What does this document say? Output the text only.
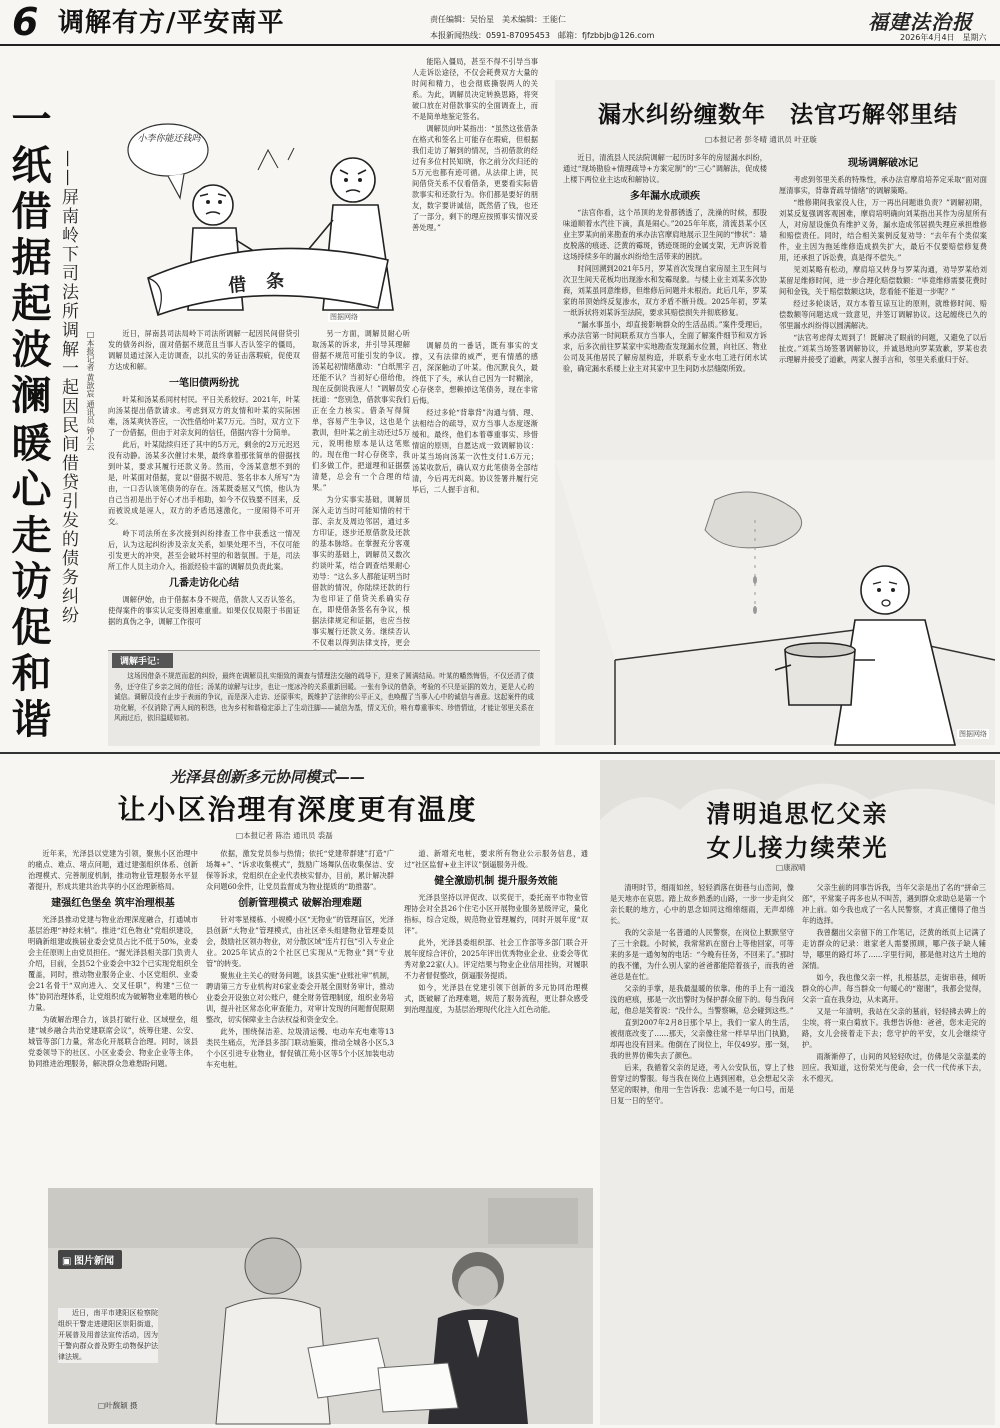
6 调解有方/平安南平	责任编辑：吴怡星　美术编辑：王能仁
本报新闻热线：0591-87095453　邮箱：fjfzbbjb@126.com
福建法治报
2026年4月4日　星期六
一纸借据起波澜
暖心走访促和谐 ——屏南岭下司法所调解一起因民间借贷引发的债务纠纷 □本报记者 黄歆宸 通讯员 钟小云
小李你能还钱吗
借条
图据网络

近日，屏南县司法局岭下司法所调解一起因民间借贷引发的债务纠纷，面对借据不规范且当事人否认签字的僵局，调解员通过深入走访调查，以扎实的务证击落瑕疵，促使双方达成和解。

一笔旧债两纷扰

叶某和汤某系同村村民。平日关系较好。2021年，叶某向汤某提出借款请求。考虑到双方的友情和叶某的实际困难，汤某爽快答应，一次性借给叶某7万元。当时，双方立下了一份借据，但由于对亲友间的信任，借据内容十分简单。

此后，叶某陆续归还了其中的5万元，剩余的2万元迟迟没有动静。汤某多次催讨未果，最终拿着那张简单的借据找到叶某，要求其履行还款义务。然而，令汤某意想不到的是，叶某面对借据，竟以“借据不规范、签名非本人所写”为由，一口否认该笔债务的存在。汤某既委屈又气愤，他认为自己当初是出于好心才出手相助，如今不仅钱要不回来，反而被说成是诬人，双方的矛盾迅速激化，一度闹得不可开交。

岭下司法所在多次接到纠纷排查工作中获悉这一情况后，认为这起纠纷涉及亲友关系，如果处理不当，不仅可能引发更大的冲突，甚至会破坏村里的和谐氛围。于是，司法所工作人员主动介入，指派经验丰富的调解员负责此案。

几番走访化心结

调解伊始，由于借据本身不规范，借款人又否认签名，使得案件的事实认定变得困难重重。如果仅仅局限于书面证据的真伪之争，调解工作很可

能陷入僵局，甚至不得不引导当事人走诉讼途径，不仅会耗费双方大量的时间和精力，也会彻底撕裂两人的关系。为此，调解员决定转换思路，将突破口放在对借款事实的全面调查上，而不是简单地鉴定签名。

调解员向叶某指出：“虽然这张借条在格式和签名上可能存在瑕疵，但根据我们走访了解到的情况，当初借款的经过有多位村民知晓，你之前分次归还的5万元也都有迹可循。从法律上讲，民间借贷关系不仅看借条，更要看实际借款事实和还款行为。你们都是要好的朋友，数字要讲诚信，既然借了钱，也还了一部分，剩下的理应按照事实情况妥善处理。”

另一方面，调解员耐心听取汤某的诉求，并引导其理解借据不规范可能引发的争议。汤某起初情绪激动：“白纸黑字还能不认？当初好心借给他，现在反倒说我诬人！”调解员安抚道：“您别急，借款事实我们正在全力核实。借条写得简单，容易产生争议，这也是个教训，但叶某之前主动还过5万元，说明他原本是认这笔账的。现在他一时心存侥幸，我们多做工作，把道理和证据摆清楚，总会有一个合理的结果。”

为分实事实基础，调解员深入走访当时可能知情的村干部、亲友及周边邻居，通过多方印证，逐步还原借款及还款的基本脉络。在掌握充分客观事实的基础上，调解员又数次约谈叶某，结合调查结果耐心劝导：“这么多人都能证明当时借款的情况，你陆续还款的行为也印证了借贷关系确实存在，即使借条签名有争议，根据法律规定和证据，也应当按事实履行还款义务。继续否认不仅难以得到法律支持，更会

调解员的一番话，既有事实的支撑，又有法律的威严，更有情感的感召，深深触动了叶某。他沉默良久，最终低下了头，承认自己因为一时糊涂，心存侥幸，想赖掉这笔债务，现在非常后悔。

经过多轮“背靠背”沟通与情、理、法相结合的疏导，双方当事人态度逐渐缓和。最终，他们本着尊重事实、珍惜情谊的原则，自愿达成一致调解协议：叶某当场向汤某一次性支付1.6万元；汤某收款后，确认双方此笔债务全部结清，今后再无纠葛。协议签署并履行完毕后，二人握手言和。

调解手记：
这场因借条不规范而起的纠纷，最终在调解员扎实细致的调查与情理法交融的疏导下，迎来了圆满结局。叶某的幡然悔悟，不仅还清了债务，还守住了乡亲之间的信任；汤某的谅解与让步，也让一度冰冷的关系重新回暖。一张有争议的借条，考验的不只是证据的效力，更是人心的诚信。调解员没有止步于表面的争议，而是深入走访、还原事实，既维护了法律的公平正义，也唤醒了当事人心中的诚信与善意。这起案件的成功化解，不仅消除了两人间的积怨，也为乡村和谐稳定添上了生动注脚——诚信为基，情义无价，唯有尊重事实、珍惜情谊，才能让邻里关系在风雨过后，依旧温暖如初。
漏水纠纷缠数年　法官巧解邻里结
□本报记者 彭冬晴 通讯员 叶亚璇

近日，清流县人民法院调解一起历时多年的房屋漏水纠纷，通过“现场勘验+情理疏导+方案定制”的“三心”调解法，促成楼上楼下两位业主达成和解协议。

多年漏水成顽疾

“法官你看，这个吊顶的龙骨都锈透了，洗澡的时候，那股味道顺着水汽往下滴，真是闹心。”2025年年底，清流县某小区业主罗某向前来勘查的承办法官摩肩地展示卫生间的“惨状”：墙皮脱落的痕迹、泛黄的霉斑，锈迹斑斑的金属支架，无声诉说着这场持续多年的漏水纠纷给生活带来的困扰。

时间回溯到2021年5月，罗某首次发现自家房屋主卫生间与次卫生间天花板均出现渗水和发霉现象。与楼上业主刘某多次协商，刘某虽同意维修，但维修后问题并未根治。此后几年，罗某家的吊顶始终反复渗水，双方矛盾不断升级。2025年初，罗某一纸诉状将刘某诉至法院，要求其赔偿损失并彻底修复。

“漏水事虽小，却直接影响群众的生活品质。”案件受理后，承办法官第一时间联系双方当事人，全面了解案件细节和双方诉求，后多次前往罗某家中实地勘查发现漏水位置，向社区、物业公司及其他居民了解房屋构造，并联系专业水电工进行闭水试验，确定漏水系楼上业主对其家中卫生间防水层缝隙所致。

现场调解破冰记

考虑到邻里关系的特殊性，承办法官摩肩培养定采取“面对面厘清事实，背靠背疏导情绪”的调解策略。

“维修期间我家没人住，万一再出问题谁负责？”调解初期，刘某反复强调客观困难，摩肩培明确向刘某指出其作为房屋所有人，对房屋设施负有维护义务，漏水造成邻居损失理应承担维修和赔偿责任。同时，结合相关案例反复劝导：“去年有个类似案件，业主因为拖延维修造成损失扩大，最后不仅要赔偿修复费用，还承担了诉讼费，真是得不偿失。”

见刘某略有松动，摩肩培又转身与罗某沟通，劝导罗某给刘某留足维修时间，进一步合理化赔偿数额：“毕竟维修需要花费时间和金钱，关于赔偿数额这块，您看能不能退一步呢？”

经过多轮谈话，双方本着互谅互让的原则，就维修时间、赔偿数额等问题达成一致意见，并签订调解协议。这起缠绕已久的邻里漏水纠纷得以圆满解决。

“法官考虑得太周到了！既解决了眼前的问题，又避免了以后扯皮。”刘某当场签署调解协议，并诚恳地向罗某致歉，罗某也表示理解并接受了道歉，两家人握手言和，邻里关系重归于好。

图据网络
光泽县创新多元协同模式——
让小区治理有深度更有温度
□本报记者 陈浩 通讯员 裘磊

近年来，光泽县以党建为引领，聚焦小区治理中的痛点、难点、堵点问题，通过建强组织体系、创新治理模式、完善制度机制，推动物业管理服务水平显著提升，形成共建共治共享的小区治理新格局。

建强红色堡垒 筑牢治理根基

光泽县推动党建与物业治理深度融合，打通城市基层治理“神经末梢”。推进“红色物业”党组织建设，明确新组建或换届业委会党员占比不低于50%，业委会主任原则上由党员担任。“掘光泽县相关部门负责人介绍，目前，全县52个业委会中32个已实现党组织全覆盖，同时，推动物业服务企业、小区党组织、业委会21名骨干“双向进入、交叉任职”，构建“三位一体”协同治理体系，让党组织成为破解物业难题的核心力量。

为破解治理合力，该县打破行业、区域壁垒，组建“城乡融合共治党建联席会议”，统筹住建、公安、城管等部门力量，常态化开展联合治理。同时，该县党委领导下的社区、小区业委会、物业企业等主体，协同推进治理服务，解决群众急难愁盼问题。

依据，激发党员参与热情；依托“党建带群建”打造“广场舞+”、“诉求收集模式”，鼓励广场舞队伍收集保洁、安保等诉求，党组织在企业代表核实督办，目前，累计解决群众问题60余件，让党员监督成为物业提质的“助推器”。

创新管理模式 破解治理难题

针对零星楼栋、小规模小区“无物业”的管理盲区，光泽县创新“大物业”管理模式，由社区牵头组建物业管理委员会，鼓励社区领办物业，对分散区域“连片打包”引入专业企业。2025年试点的2个社区已实现从“无物业”到“专业管”的转变。

聚焦业主关心的财务问题，该县实施“业账社审”机制，聘请第三方专业机构对6家业委会开展全面财务审计，推动业委会开设独立对公账户，健全财务管理制度，组织业务培训，提升社区常态化审查能力，对审计发现的问题督促限期整改，切实保障业主合法权益和资金安全。

此外，围绕保洁差、垃圾清运慢、电动车充电难等13类民生痛点，光泽县多部门联动施策，推动全城各小区5,3个小区引进专业物业，督促镇江苑小区等5个小区加装电动车充电桩。

道、新增充电桩，要求所有物业公示服务信息，通过“社区监督+业主评议”倒逼服务升级。

健全激励机制 提升服务效能

光泽县坚持以评促改、以奖促干，委托南平市物业管理协会对全县26个住宅小区开展物业服务星级评定，量化指标，综合定级，规范物业管理履约，同时开展年度“双评”。

此外，光泽县委组织部、社会工作部等多部门联合开展年度综合评价，2025年评出优秀物业企业、业委会等优秀对象22家(人)。评定结果与物业企业信用挂钩，对履职不力者督促整改，倒逼服务提质。

如今，光泽县在党建引领下创新的多元协同治理模式，既破解了治理难题，规范了服务流程，更让群众感受到治理温度，为基层治理现代化注入红色动能。

▣ 图片新闻
近日，南平市建阳区检察院组织干警走进建阳区崇阳街道，开展普及用普法宣传活动，因为干警向群众普及野生动物保护法律法规。
□叶馥颖 摄
清明追思忆父亲
女儿接力续荣光
□康淑晴

清明时节，细雨如丝，轻轻洒落在街巷与山峦间，像是天地亦在哀思。踏上故乡熟悉的山路，一步一步走向父亲长眠的地方，心中的思念如同这绵绵细雨，无声却绵长。

我的父亲是一名普通的人民警察，在岗位上默默坚守了三十余载。小时候，我常常趴在窗台上等他回家，可等来的多是一通匆匆的电话：“今晚有任务，不回来了。”那时的我不懂，为什么别人家的爸爸都能陪着孩子，而我的爸爸总是在忙。

父亲的手掌，是我最温暖的依靠。他的手上有一道浅浅的疤痕，那是一次出警时为保护群众留下的。每当我问起，他总是笑着说：“没什么，当警察嘛，总会碰到这些。”

直到2007年2月8日那个早上，我们一家人的生活，被彻底改变了……那天，父亲像往常一样早早出门执勤，却再也没有回来。他倒在了岗位上，年仅49岁。那一刻，我的世界仿佛失去了颜色。

后来，我循着父亲的足迹，考入公安队伍，穿上了他曾穿过的警服。每当我在岗位上遇到困难，总会想起父亲坚定的眼神，他用一生告诉我：忠诚不是一句口号，而是日复一日的坚守。

父亲生前的同事告诉我，当年父亲是出了名的“拼命三郎”，平常案子再多也从不叫苦，遇到群众求助总是第一个冲上前。如今我也成了一名人民警察，才真正懂得了他当年的选择。

我曾翻出父亲留下的工作笔记，泛黄的纸页上记满了走访群众的记录：谁家老人需要照顾，哪户孩子缺人辅导，哪里的路灯坏了……字里行间，都是他对这片土地的深情。

如今，我也像父亲一样，扎根基层，走街串巷，倾听群众的心声。每当群众一句暖心的“谢谢”，我都会觉得，父亲一直在我身边，从未离开。

又是一年清明，我站在父亲的墓前，轻轻拂去碑上的尘埃，将一束白菊放下。我想告诉他：爸爸，您未走完的路，女儿会接着走下去；您守护的平安，女儿会继续守护。

雨渐渐停了，山间的风轻轻吹过，仿佛是父亲温柔的回应。我知道，这份荣光与使命，会一代一代传承下去，永不熄灭。
